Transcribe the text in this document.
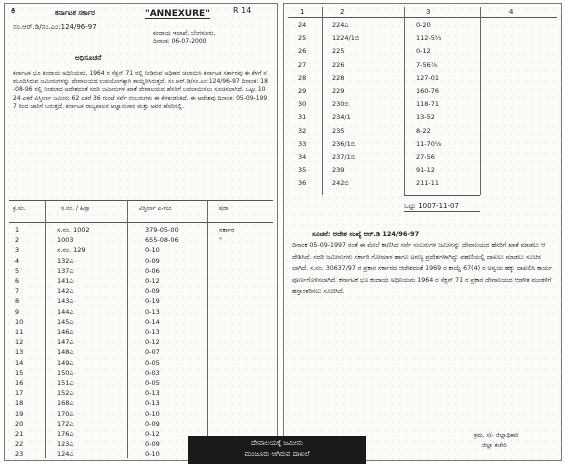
ಕಿ	ಕರ್ನಾಟಕ ಸರ್ಕಾರ	"ANNEXURE"	R 14
ಸಂ.ಆರ್.ಡಿ/ಸಂ.ಎಂ:124/96-97
ಕಂದಾಯ ಇಲಾಖೆ, ಬೆಂಗಳೂರು,
ದಿನಾಂಕ: 06-07-2000
ಅಧಿಸೂಚನೆ
ಕರ್ನಾಟಕ ಭೂ ಕಂದಾಯ ಅಧಿನಿಯಮ, 1964 ರ ಸೆಕ್ಷನ್ 71 ರಲ್ಲಿ ನೀಡಿರುವ ಅಧಿಕಾರ ಚಲಾಯಿಸಿ ಕರ್ನಾಟಕ ಸರ್ಕಾರವು ಈ ಕೆಳಗೆ ನಮೂದಿಸಿರುವ ಜಮೀನುಗಳನ್ನು ದೇವಾಲಯದ ಉಪಯೋಗಕ್ಕಾಗಿ ಕಾಯ್ದಿರಿಸಿರುತ್ತದೆ. ಸಂ.ಆರ್.ಡಿ/ಸಂ.ಎಂ:124/96-97 ದಿನಾಂಕ: 18-08-96 ರಲ್ಲಿ ನೀಡಲಾದ ಆದೇಶದಂತೆ ಸದರಿ ಜಮೀನುಗಳ ಖಾತೆ ದೇವಾಲಯದ ಹೆಸರಿಗೆ ಬದಲಾಯಿಸಲು ಸೂಚಿಸಲಾಗಿದೆ. ಒಟ್ಟು 1024 ಎಕರೆ ವಿಸ್ತೀರ್ಣ ಜಮೀನು 62 ಎಕರೆ 36 ಗುಂಟೆ ಸರ್ವೆ ನಂಬರುಗಳು ಈ ಕೆಳಕಂಡಂತಿದೆ. ಈ ಆದೇಶವು ದಿನಾಂಕ: 05-09-1997 ರಿಂದ ಜಾರಿಗೆ ಬರುತ್ತದೆ. ಕರ್ನಾಟಕ ರಾಜ್ಯಪಾಲರ ಆಜ್ಞಾನುಸಾರ ಮತ್ತು ಅವರ ಹೆಸರಿನಲ್ಲಿ.
ಕ್ರ.ಸಂ.	ಸ.ನಂ. / ಹಿಸ್ಸಾ	ವಿಸ್ತೀರ್ಣ ಎ-ಗುಂ	ಷರಾ
1	ಸ.ನಂ. 1002	379-05-00	ಸರ್ಕಾರ
2	1003	655-08-06	"
3	ಸ.ನಂ. 129	0-10
4	132ಎ	0-09
5	137ಎ	0-06
6	141ಎ	0-12
7	142ಎ	0-09
8	143ಎ	0-19
9	144ಎ	0-13
10	145ಎ	0-14
11	146ಎ	0-13
12	147ಎ	0-12
13	148ಎ	0-07
14	149ಎ	0-05
15	150ಎ	0-03
16	151ಎ	0-05
17	152ಎ	0-13
18	168ಎ	0-13
19	170ಎ	0-10
20	172ಎ	0-09
21	176ಎ	0-12
22	123ಎ	0-09
23	124ಎ	0-10
1	2	3	4
24	224ಎ	0-20
25	1224/1ಬಿ	112-5⅔
26	225	0-12
27	226	7-56⅞
28	228	127-01
29	229	160-76
30	230ಬಿ	118-71
31	234/1	13-52
32	235	8-22
33	236/1ಬಿ	11-70⅝
34	237/1ಬಿ	27-56
35	239	91-12
36	242ಬಿ	211-11
ಒಟ್ಟು 1007-11-07
ಸೂಚನೆ: ಆದೇಶ ಸಂಖ್ಯೆ ಆರ್.ಡಿ 124/96-97
ದಿನಾಂಕ 05-09-1997 ರಂತೆ ಈ ಮೇಲೆ ಕಾಣಿಸಿದ ಸರ್ವೆ ನಂಬರುಗಳ ಜಮೀನನ್ನು ದೇವಾಲಯದ ಹೆಸರಿಗೆ ಖಾತೆ ಮಾಡಲು ಆದೇಶಿಸಿದೆ. ಸದರಿ ಜಮೀನುಗಳು ಸರ್ಕಾರಿ ಗೋಮಾಳ ಹಾಗೂ ಅರಣ್ಯ ಪ್ರದೇಶಗಳಾಗಿದ್ದು ಪಹಣಿಯಲ್ಲಿ ದಾಖಲು ಮಾಡಲು ಸೂಚಿಸಲಾಗಿದೆ. ಸ.ನಂ. 30637/97 ರ ಪ್ರಕಾರ ಸರ್ಕಾರದ ಆದೇಶದಂತೆ 1969 ರ ಕಾಯ್ದೆ 67(4) ರ ಅನ್ವಯ ಹಕ್ಕು ದಾಖಲಿಸಿ ಕಾರ್ಯ ಪೂರ್ಣಗೊಳಿಸಲಾಗಿದೆ. ಕರ್ನಾಟಕ ಭೂ ಕಂದಾಯ ಅಧಿನಿಯಮ 1964 ರ ಸೆಕ್ಷನ್ 71 ರ ಪ್ರಕಾರ ದೇವಾಲಯದ ಆಡಳಿತ ಮಂಡಳಿಗೆ ಹಸ್ತಾಂತರಿಸಲು ಸೂಚಿಸಿದೆ.
ಕ್ರಮ. ಸ/- ಜಿಲ್ಲಾಧಿಕಾರಿ
ಜಿಲ್ಲಾ ಕಚೇರಿ
ದೇವಾಲಯಕ್ಕೆ ಜಮೀನು
ಮಂಜೂರು ಆಗಿರುವ ದಾಖಲೆ
